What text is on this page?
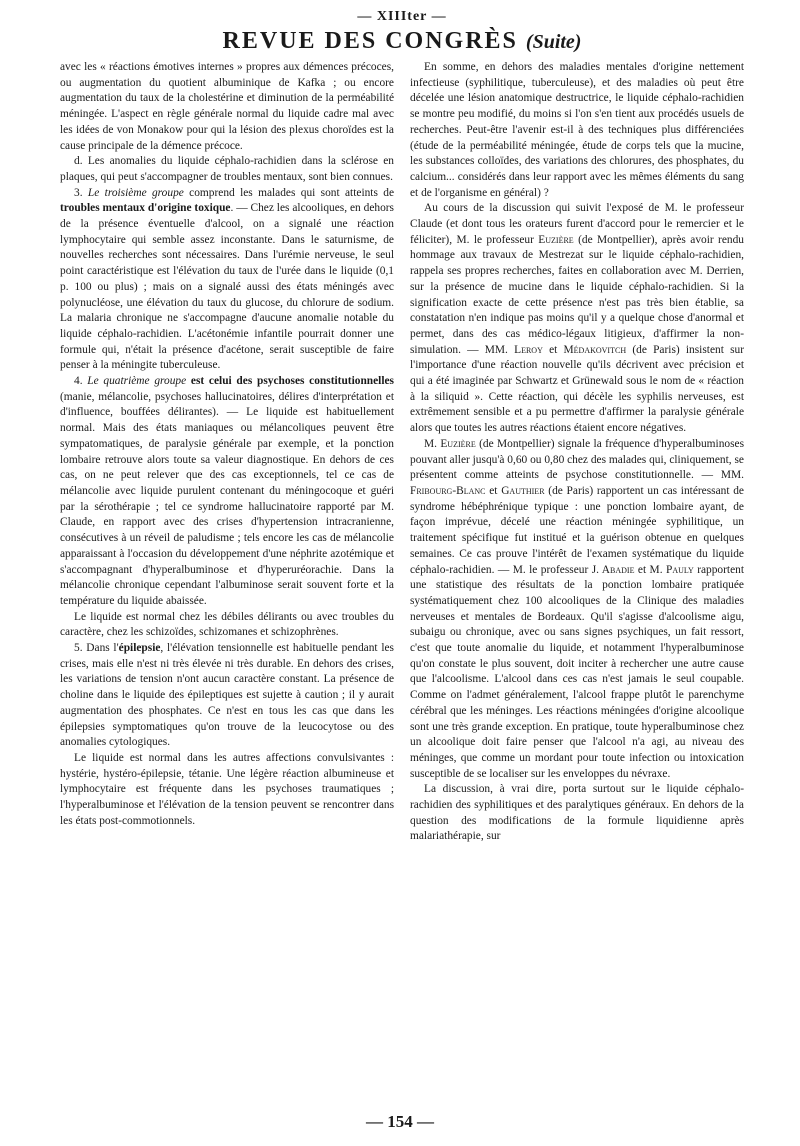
— XIIIter —
REVUE DES CONGRÈS (Suite)

avec les « réactions émotives internes » propres aux démences précoces, ou augmentation du quotient albuminique de Kafka ; ou encore augmentation du taux de la cholestérine et diminution de la perméabilité méningée. L'aspect en règle générale normal du liquide cadre mal avec les idées de von Monakow pour qui la lésion des plexus choroïdes est la cause principale de la démence précoce.

d. Les anomalies du liquide céphalo-rachidien dans la sclérose en plaques, qui peut s'accompagner de troubles mentaux, sont bien connues.

3. Le troisième groupe comprend les malades qui sont atteints de troubles mentaux d'origine toxique. — Chez les alcooliques, en dehors de la présence éventuelle d'alcool, on a signalé une réaction lymphocytaire qui semble assez inconstante. Dans le saturnisme, de nouvelles recherches sont nécessaires. Dans l'urémie nerveuse, le seul point caractéristique est l'élévation du taux de l'urée dans le liquide (0,1 p. 100 ou plus) ; mais on a signalé aussi des états méningés avec polynucléose, une élévation du taux du glucose, du chlorure de sodium. La malaria chronique ne s'accompagne d'aucune anomalie notable du liquide céphalo-rachidien. L'acétonémie infantile pourrait donner une formule qui, n'était la présence d'acétone, serait susceptible de faire penser à la méningite tuberculeuse.

4. Le quatrième groupe est celui des psychoses constitutionnelles (manie, mélancolie, psychoses hallucinatoires, délires d'interprétation et d'influence, bouffées délirantes). — Le liquide est habituellement normal. Mais des états maniaques ou mélancoliques peuvent être sympatomatiques, de paralysie générale par exemple, et la ponction lombaire retrouve alors toute sa valeur diagnostique. En dehors de ces cas, on ne peut relever que des cas exceptionnels, tel ce cas de mélancolie avec liquide purulent contenant du méningocoque et guéri par la sérothérapie ; tel ce syndrome hallucinatoire rapporté par M. Claude, en rapport avec des crises d'hypertension intracranienne, consécutives à un réveil de paludisme ; tels encore les cas de mélancolie apparaissant à l'occasion du développement d'une néphrite azotémique et s'accompagnant d'hyperalbuminose et d'hyperuréorachie. Dans la mélancolie chronique cependant l'albuminose serait souvent forte et la température du liquide abaissée.

Le liquide est normal chez les débiles délirants ou avec troubles du caractère, chez les schizoïdes, schizomanes et schizophrènes.

5. Dans l'épilepsie, l'élévation tensionnelle est habituelle pendant les crises, mais elle n'est ni très élevée ni très durable. En dehors des crises, les variations de tension n'ont aucun caractère constant. La présence de choline dans le liquide des épileptiques est sujette à caution ; il y aurait augmentation des phosphates. Ce n'est en tous les cas que dans les épilepsies symptomatiques qu'on trouve de la leucocytose ou des anomalies cytologiques.

Le liquide est normal dans les autres affections convulsivantes : hystérie, hystéro-épilepsie, tétanie. Une légère réaction albumineuse et lymphocytaire est fréquente dans les psychoses traumatiques ; l'hyperalbuminose et l'élévation de la tension peuvent se rencontrer dans les états post-commotionnels.

En somme, en dehors des maladies mentales d'origine nettement infectieuse (syphilitique, tuberculeuse), et des maladies où peut être décelée une lésion anatomique destructrice, le liquide céphalo-rachidien se montre peu modifié, du moins si l'on s'en tient aux procédés usuels de recherches. Peut-être l'avenir est-il à des techniques plus différenciées (étude de la perméabilité méningée, étude de corps tels que la mucine, les substances colloïdes, des variations des chlorures, des phosphates, du calcium... considérés dans leur rapport avec les mêmes éléments du sang et de l'organisme en général) ?

Au cours de la discussion qui suivit l'exposé de M. le professeur Claude (et dont tous les orateurs furent d'accord pour le remercier et le féliciter), M. le professeur Euzière (de Montpellier), après avoir rendu hommage aux travaux de Mestrezat sur le liquide céphalo-rachidien, rappela ses propres recherches, faites en collaboration avec M. Derrien, sur la présence de mucine dans le liquide céphalo-rachidien. Si la signification exacte de cette présence n'est pas très bien établie, sa constatation n'en indique pas moins qu'il y a quelque chose d'anormal et permet, dans des cas médico-légaux litigieux, d'affirmer la non-simulation. — MM. Leroy et Médakovitch (de Paris) insistent sur l'importance d'une réaction nouvelle qu'ils décrivent avec précision et qui a été imaginée par Schwartz et Grünewald sous le nom de « réaction à la siliquid ». Cette réaction, qui décèle les syphilis nerveuses, est extrêmement sensible et a pu permettre d'affirmer la paralysie générale alors que toutes les autres réactions étaient encore négatives.

M. Euzière (de Montpellier) signale la fréquence d'hyperalbuminoses pouvant aller jusqu'à 0,60 ou 0,80 chez des malades qui, cliniquement, se présentent comme atteints de psychose constitutionnelle. — MM. Fribourg-Blanc et Gauthier (de Paris) rapportent un cas intéressant de syndrome hébéphrénique typique : une ponction lombaire ayant, de façon imprévue, décelé une réaction méningée syphilitique, un traitement spécifique fut institué et la guérison obtenue en quelques semaines. Ce cas prouve l'intérêt de l'examen systématique du liquide céphalo-rachidien. — M. le professeur J. Abadie et M. Pauly rapportent une statistique des résultats de la ponction lombaire pratiquée systématiquement chez 100 alcooliques de la Clinique des maladies nerveuses et mentales de Bordeaux. Qu'il s'agisse d'alcoolisme aigu, subaigu ou chronique, avec ou sans signes psychiques, un fait ressort, c'est que toute anomalie du liquide, et notamment l'hyperalbuminose qu'on constate le plus souvent, doit inciter à rechercher une autre cause que l'alcoolisme. L'alcool dans ces cas n'est jamais le seul coupable. Comme on l'admet généralement, l'alcool frappe plutôt le parenchyme cérébral que les méninges. Les réactions méningées d'origine alcoolique sont une très grande exception. En pratique, toute hyperalbuminose chez un alcoolique doit faire penser que l'alcool n'a agi, au niveau des méninges, que comme un mordant pour toute infection ou intoxication susceptible de se localiser sur les enveloppes du névraxe.

La discussion, à vrai dire, porta surtout sur le liquide céphalo-rachidien des syphilitiques et des paralytiques généraux. En dehors de la question des modifications de la formule liquidienne après malariathérapie, sur

— 154 —
